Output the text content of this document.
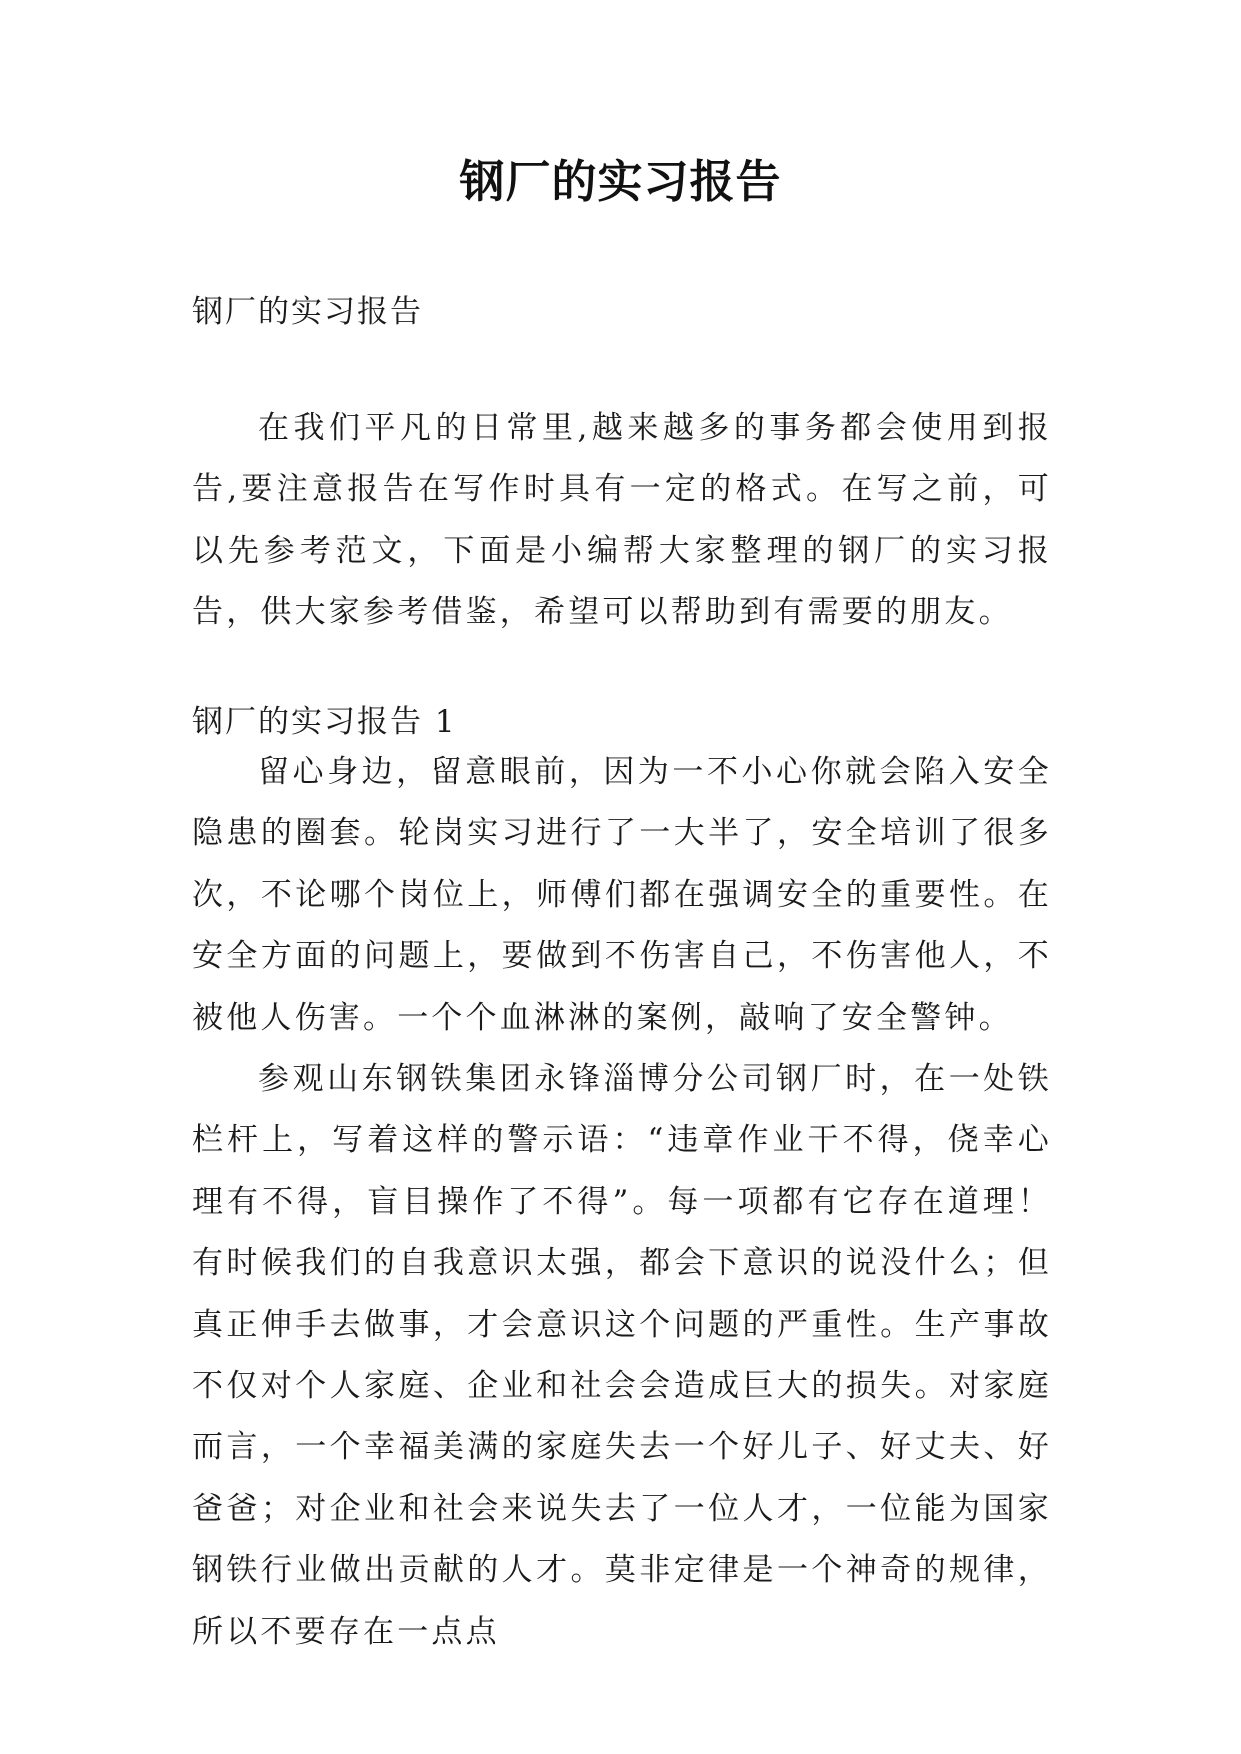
钢厂的实习报告
钢厂的实习报告

在我们平凡的日常里,越来越多的事务都会使用到报告,要注意报告在写作时具有一定的格式。在写之前，可以先参考范文，下面是小编帮大家整理的钢厂的实习报告，供大家参考借鉴，希望可以帮助到有需要的朋友。

钢厂的实习报告 1

留心身边，留意眼前，因为一不小心你就会陷入安全隐患的圈套。轮岗实习进行了一大半了，安全培训了很多次，不论哪个岗位上，师傅们都在强调安全的重要性。在安全方面的问题上，要做到不伤害自己，不伤害他人，不被他人伤害。一个个血淋淋的案例，敲响了安全警钟。

参观山东钢铁集团永锋淄博分公司钢厂时，在一处铁栏杆上，写着这样的警示语：“违章作业干不得，侥幸心理有不得，盲目操作了不得”。每一项都有它存在道理！有时候我们的自我意识太强，都会下意识的说没什么；但真正伸手去做事，才会意识这个问题的严重性。生产事故不仅对个人家庭、企业和社会会造成巨大的损失。对家庭而言，一个幸福美满的家庭失去一个好儿子、好丈夫、好爸爸；对企业和社会来说失去了一位人才，一位能为国家钢铁行业做出贡献的人才。莫非定律是一个神奇的规律，所以不要存在一点点
